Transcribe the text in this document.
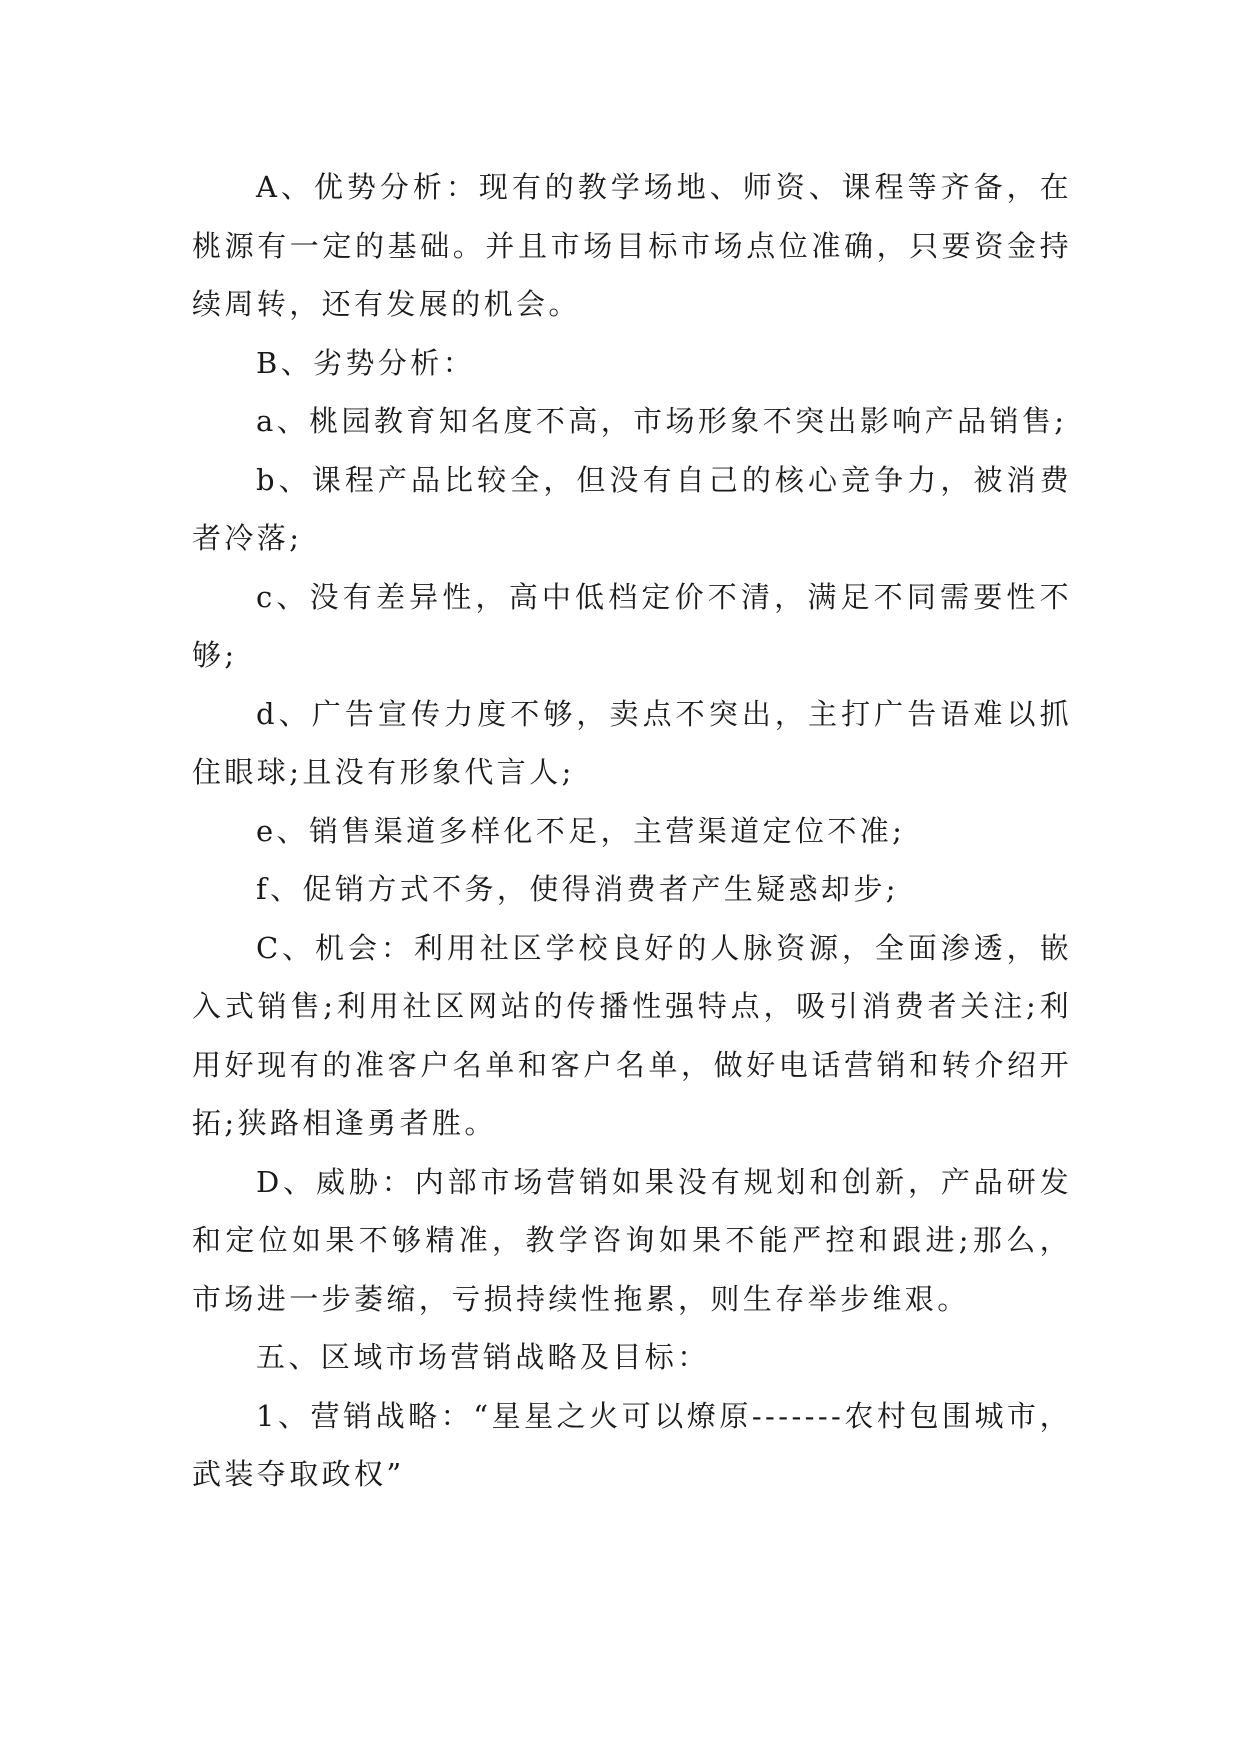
A、优势分析：现有的教学场地、师资、课程等齐备，在桃源有一定的基础。并且市场目标市场点位准确，只要资金持续周转，还有发展的机会。

B、劣势分析：

a、桃园教育知名度不高，市场形象不突出影响产品销售;

b、课程产品比较全，但没有自己的核心竞争力，被消费者冷落;

c、没有差异性，高中低档定价不清，满足不同需要性不够;

d、广告宣传力度不够，卖点不突出，主打广告语难以抓住眼球;且没有形象代言人;

e、销售渠道多样化不足，主营渠道定位不准;

f、促销方式不务，使得消费者产生疑惑却步;

C、机会：利用社区学校良好的人脉资源，全面渗透，嵌入式销售;利用社区网站的传播性强特点，吸引消费者关注;利用好现有的准客户名单和客户名单，做好电话营销和转介绍开拓;狭路相逢勇者胜。

D、威胁：内部市场营销如果没有规划和创新，产品研发和定位如果不够精准，教学咨询如果不能严控和跟进;那么，市场进一步萎缩，亏损持续性拖累，则生存举步维艰。

五、区域市场营销战略及目标：

1、营销战略：“星星之火可以燎原-------农村包围城市，武装夺取政权”
